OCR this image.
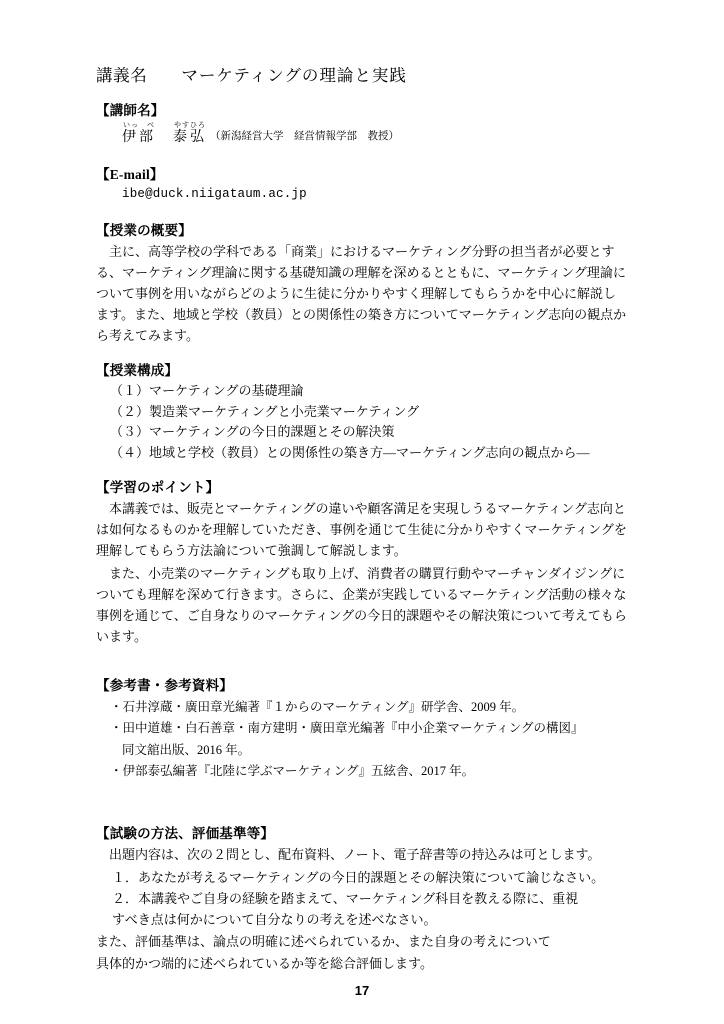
講義名 マーケティングの理論と実践
【講師名】
いっ　べ
伊部
やすひろ
泰弘 （新潟経営大学　経営情報学部　教授）
【E-mail】
ibe@duck.niigataum.ac.jp
【授業の概要】
主に、高等学校の学科である「商業」におけるマーケティング分野の担当者が必要とする、マーケティング理論に関する基礎知識の理解を深めるとともに、マーケティング理論について事例を用いながらどのように生徒に分かりやすく理解してもらうかを中心に解説します。また、地域と学校（教員）との関係性の築き方についてマーケティング志向の観点から考えてみます。
【授業構成】
（１）マーケティングの基礎理論
（２）製造業マーケティングと小売業マーケティング
（３）マーケティングの今日的課題とその解決策
（４）地域と学校（教員）との関係性の築き方―マーケティング志向の観点から―
【学習のポイント】
本講義では、販売とマーケティングの違いや顧客満足を実現しうるマーケティング志向とは如何なるものかを理解していただき、事例を通じて生徒に分かりやすくマーケティングを理解してもらう方法論について強調して解説します。
また、小売業のマーケティングも取り上げ、消費者の購買行動やマーチャンダイジングについても理解を深めて行きます。さらに、企業が実践しているマーケティング活動の様々な事例を通じて、ご自身なりのマーケティングの今日的課題やその解決策について考えてもらいます。
【参考書・参考資料】
・石井淳蔵・廣田章光編著『１からのマーケティング』研学舎、2009 年。
・田中道雄・白石善章・南方建明・廣田章光編著『中小企業マーケティングの構図』
同文舘出版、2016 年。
・伊部泰弘編著『北陸に学ぶマーケティング』五絃舎、2017 年。
【試験の方法、評価基準等】
出題内容は、次の２問とし、配布資料、ノート、電子辞書等の持込みは可とします。
１．あなたが考えるマーケティングの今日的課題とその解決策について論じなさい。
２．本講義やご自身の経験を踏まえて、マーケティング科目を教える際に、重視
すべき点は何かについて自分なりの考えを述べなさい。
また、評価基準は、論点の明確に述べられているか、また自身の考えについて
具体的かつ端的に述べられているか等を総合評価します。
17
